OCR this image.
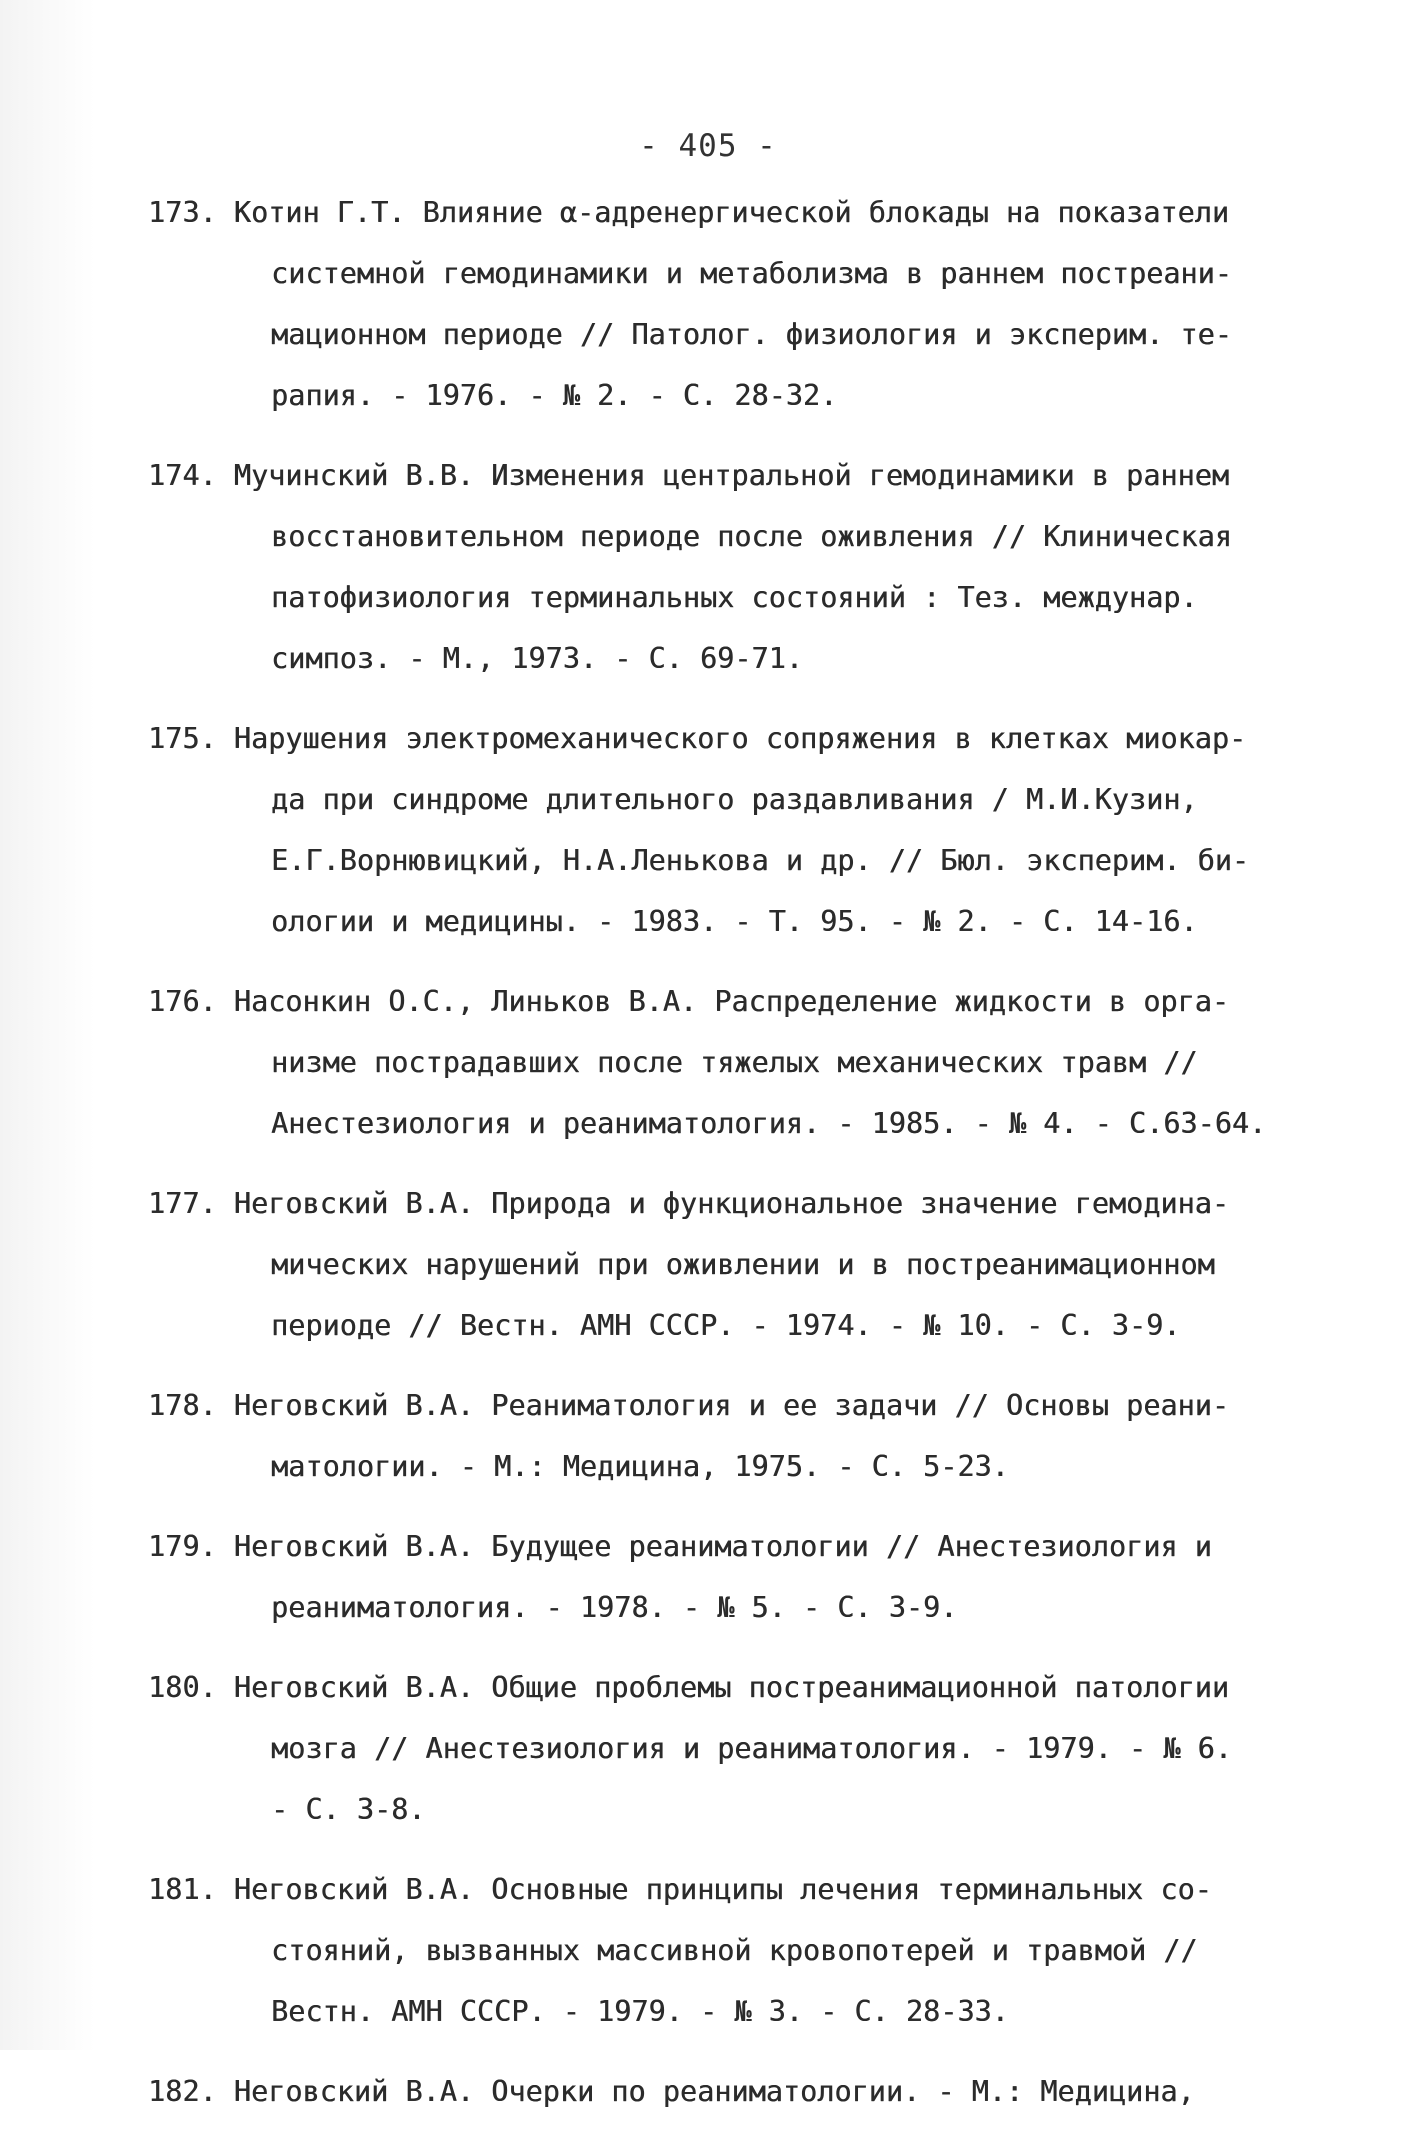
- 405 -
173. Котин Г.Т. Влияние α-адренергической блокады на показатели
системной гемодинамики и метаболизма в раннем постреани-
мационном периоде // Патолог. физиология и эксперим. те-
рапия. - 1976. - № 2. - С. 28-32.
174. Мучинский В.В. Изменения центральной гемодинамики в раннем
восстановительном периоде после оживления // Клиническая
патофизиология терминальных состояний : Тез. междунар.
симпоз. - М., 1973. - С. 69-71.
175. Нарушения электромеханического сопряжения в клетках миокар-
да при синдроме длительного раздавливания / М.И.Кузин,
Е.Г.Ворнювицкий, Н.А.Ленькова и др. // Бюл. эксперим. би-
ологии и медицины. - 1983. - Т. 95. - № 2. - С. 14-16.
176. Насонкин О.С., Линьков В.А. Распределение жидкости в орга-
низме пострадавших после тяжелых механических травм //
Анестезиология и реаниматология. - 1985. - № 4. - С.63-64.
177. Неговский В.А. Природа и функциональное значение гемодина-
мических нарушений при оживлении и в постреанимационном
периоде // Вестн. АМН СССР. - 1974. - № 10. - С. 3-9.
178. Неговский В.А. Реаниматология и ее задачи // Основы реани-
матологии. - М.: Медицина, 1975. - С. 5-23.
179. Неговский В.А. Будущее реаниматологии // Анестезиология и
реаниматология. - 1978. - № 5. - С. 3-9.
180. Неговский В.А. Общие проблемы постреанимационной патологии
мозга // Анестезиология и реаниматология. - 1979. - № 6.
- С. 3-8.
181. Неговский В.А. Основные принципы лечения терминальных со-
стояний, вызванных массивной кровопотерей и травмой //
Вестн. АМН СССР. - 1979. - № 3. - С. 28-33.
182. Неговский В.А. Очерки по реаниматологии. - М.: Медицина,
